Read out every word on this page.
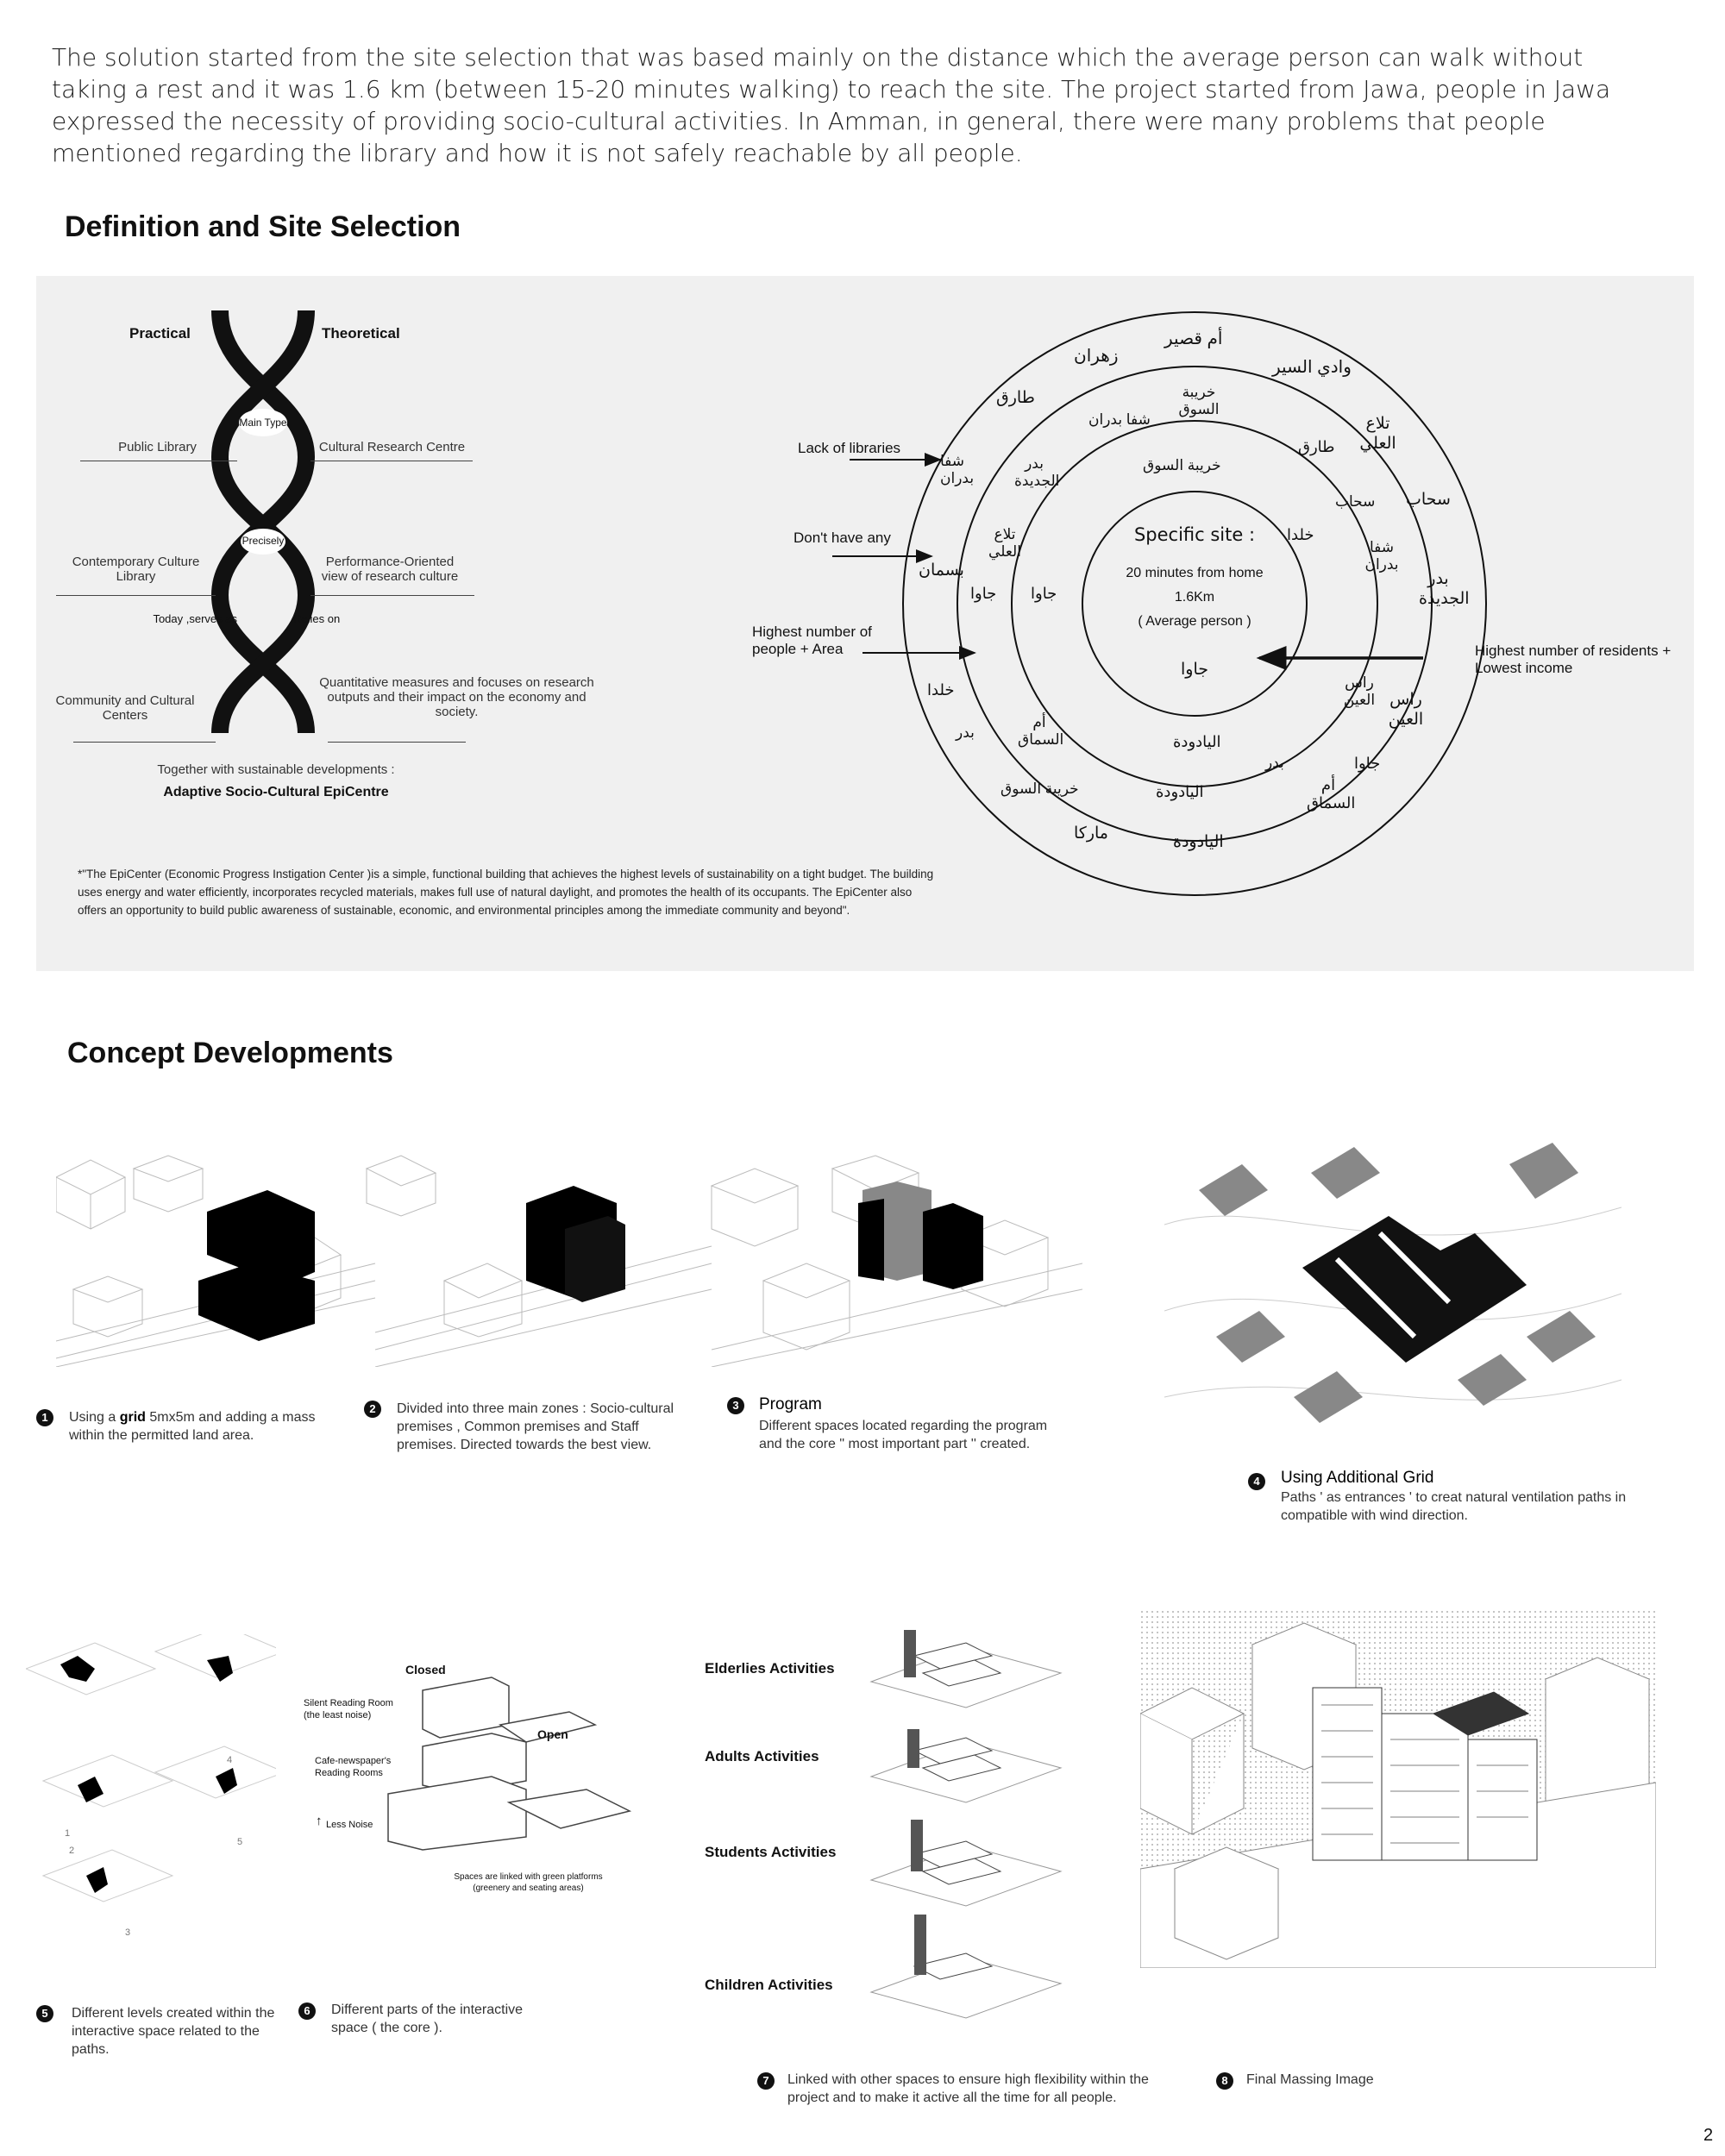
The solution started from the site selection that was based mainly on the distance which the average person can walk without taking a rest and it was 1.6 km (between 15-20 minutes walking) to reach the site. The project started from Jawa, people in Jawa expressed the necessity of providing socio-cultural activities. In Amman, in general, there were many problems that people mentioned regarding the library and how it is not safely reachable by all people.
Definition and Site Selection
Main Type
Precisely
Practical	Theoretical
Public Library	Cultural Research Centre
Contemporary Culture Library
Performance-Oriented view of research culture
Today ,serves as	Relies on
Community and Cultural Centers
Quantitative measures and focuses on research outputs and their impact on the economy and society.
Together with sustainable developments :
Adaptive Socio-Cultural EpiCentre
*"The EpiCenter (Economic Progress Instigation Center )is a simple, functional building that achieves the highest levels of sustainability on a tight budget. The building uses energy and water efficiently, incorporates recycled materials, makes full use of natural daylight, and promotes the health of its occupants. The EpiCenter also offers an opportunity to build public awareness of sustainable, economic, and environmental principles among the immediate community and beyond".
Specific site :
20 minutes from home
1.6Km
( Average person )
جاوا
أم قصير
زهران
وادي السير
طارق
تلاع العلي
سحاب
شفا بدران
بدر الجديدة
بسمان
خلدا
راس العين
جاوا
بدر
أم السماق
خريبة السوق
ماركا	اليادودة
خريبة السوق
شفا بدران
طارق
بدر الجديدة
سحاب
تلاع العلي	شفا بدران
جاوا
راس العين
أم السماق
اليادودة
بدر
خريبة السوق
جاوا
خلدا
اليادودة
Lack of libraries
Don't have any
Highest number of people + Area	Highest number of residents + Lowest income
Concept Developments
1	Using a grid 5mx5m and adding a mass within the permitted land area.
2	Divided into three main zones : Socio-cultural premises , Common premises and Staff premises. Directed towards the best view.
3	Program
Different spaces located regarding the program and the core " most important part '' created.
4	Using Additional Grid
Paths ' as entrances ' to creat natural ventilation paths in compatible with wind direction.
1
4
2
5
3
Closed
Open
Silent Reading Room (the least noise)
Cafe-newspaper's Reading Rooms
↑ Less Noise
Spaces are linked with green platforms (greenery and seating areas)
5	Different levels created within the interactive space related to the paths.
6	Different parts of the interactive space ( the core ).
Elderlies Activities
Adults Activities
Students Activities
Children Activities
7	Linked with other spaces to ensure high flexibility within the project and to make it active all the time for all people.
8	Final Massing Image
2
